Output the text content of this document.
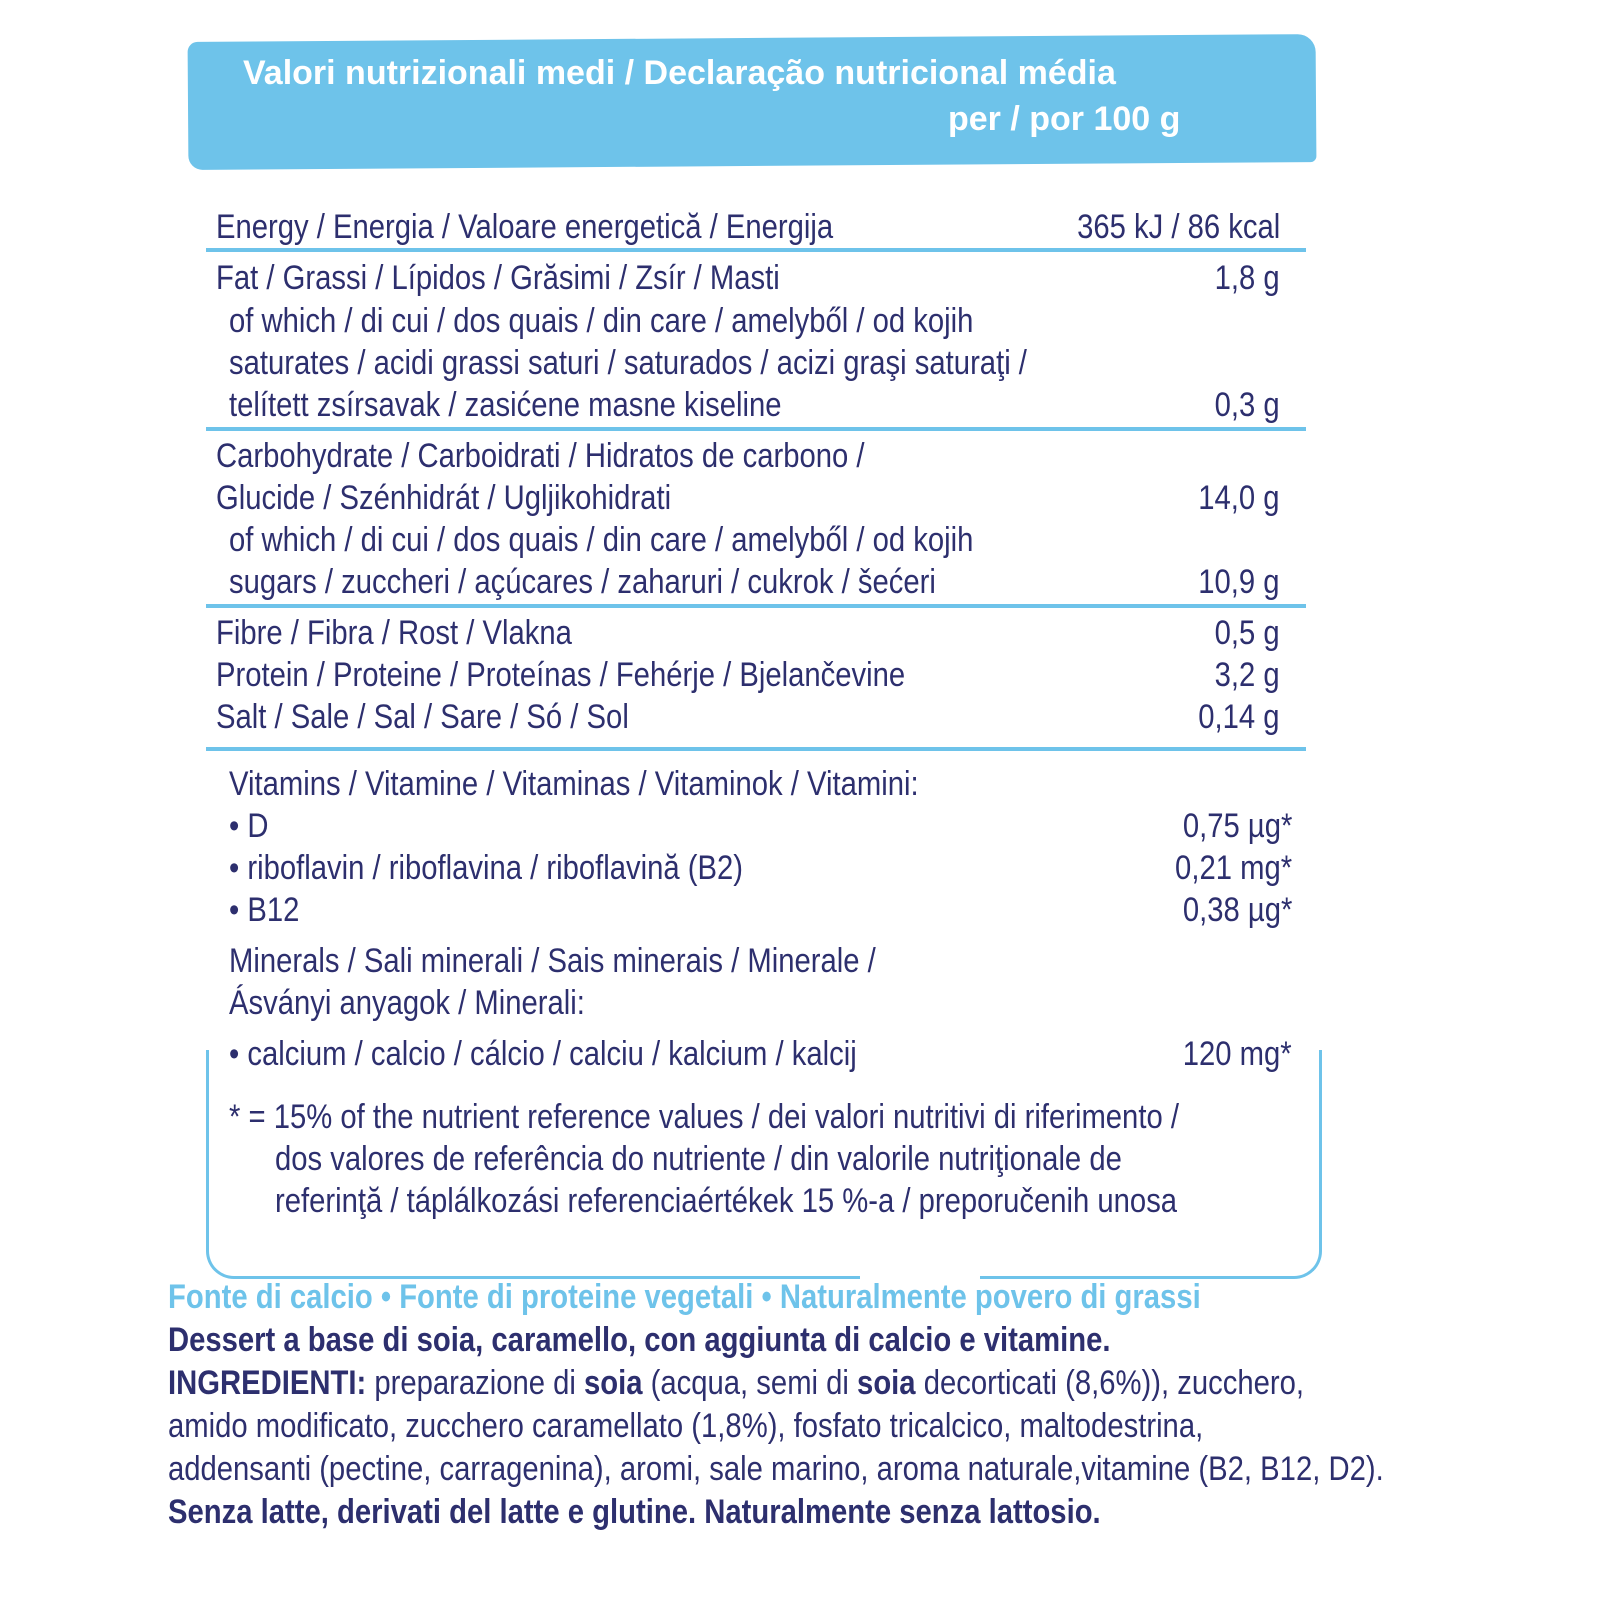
Valori nutrizionali medi / Declaração nutricional média
per / por 100 g
Energy / Energia / Valoare energetică / Energija	365 kJ / 86 kcal
Fat / Grassi / Lípidos / Grăsimi / Zsír / Masti	1,8 g
of which / di cui / dos quais / din care / amelyből / od kojih
saturates / acidi grassi saturi / saturados / acizi graşi saturaţi /
telített zsírsavak / zasićene masne kiseline	0,3 g
Carbohydrate / Carboidrati / Hidratos de carbono /
Glucide / Szénhidrát / Ugljikohidrati	14,0 g
of which / di cui / dos quais / din care / amelyből / od kojih
sugars / zuccheri / açúcares / zaharuri / cukrok / šećeri	10,9 g
Fibre / Fibra / Rost / Vlakna	0,5 g
Protein / Proteine / Proteínas / Fehérje / Bjelančevine	3,2 g
Salt / Sale / Sal / Sare / Só / Sol	0,14 g
Vitamins / Vitamine / Vitaminas / Vitaminok / Vitamini:
• D	0,75 µg*
• riboflavin / riboflavina / riboflavină (B2)	0,21 mg*
• B12	0,38 µg*
Minerals / Sali minerali / Sais minerais / Minerale /
Ásványi anyagok / Minerali:
• calcium / calcio / cálcio / calciu / kalcium / kalcij	120 mg*
* = 15% of the nutrient reference values / dei valori nutritivi di riferimento /
dos valores de referência do nutriente / din valorile nutriţionale de
referinţă / táplálkozási referenciaértékek 15 %-a / preporučenih unosa
Fonte di calcio • Fonte di proteine vegetali • Naturalmente povero di grassi
Dessert a base di soia, caramello, con aggiunta di calcio e vitamine.
INGREDIENTI: preparazione di soia (acqua, semi di soia decorticati (8,6%)), zucchero,
amido modificato, zucchero caramellato (1,8%), fosfato tricalcico, maltodestrina,
addensanti (pectine, carragenina), aromi, sale marino, aroma naturale,vitamine (B2, B12, D2).
Senza latte, derivati del latte e glutine. Naturalmente senza lattosio.
